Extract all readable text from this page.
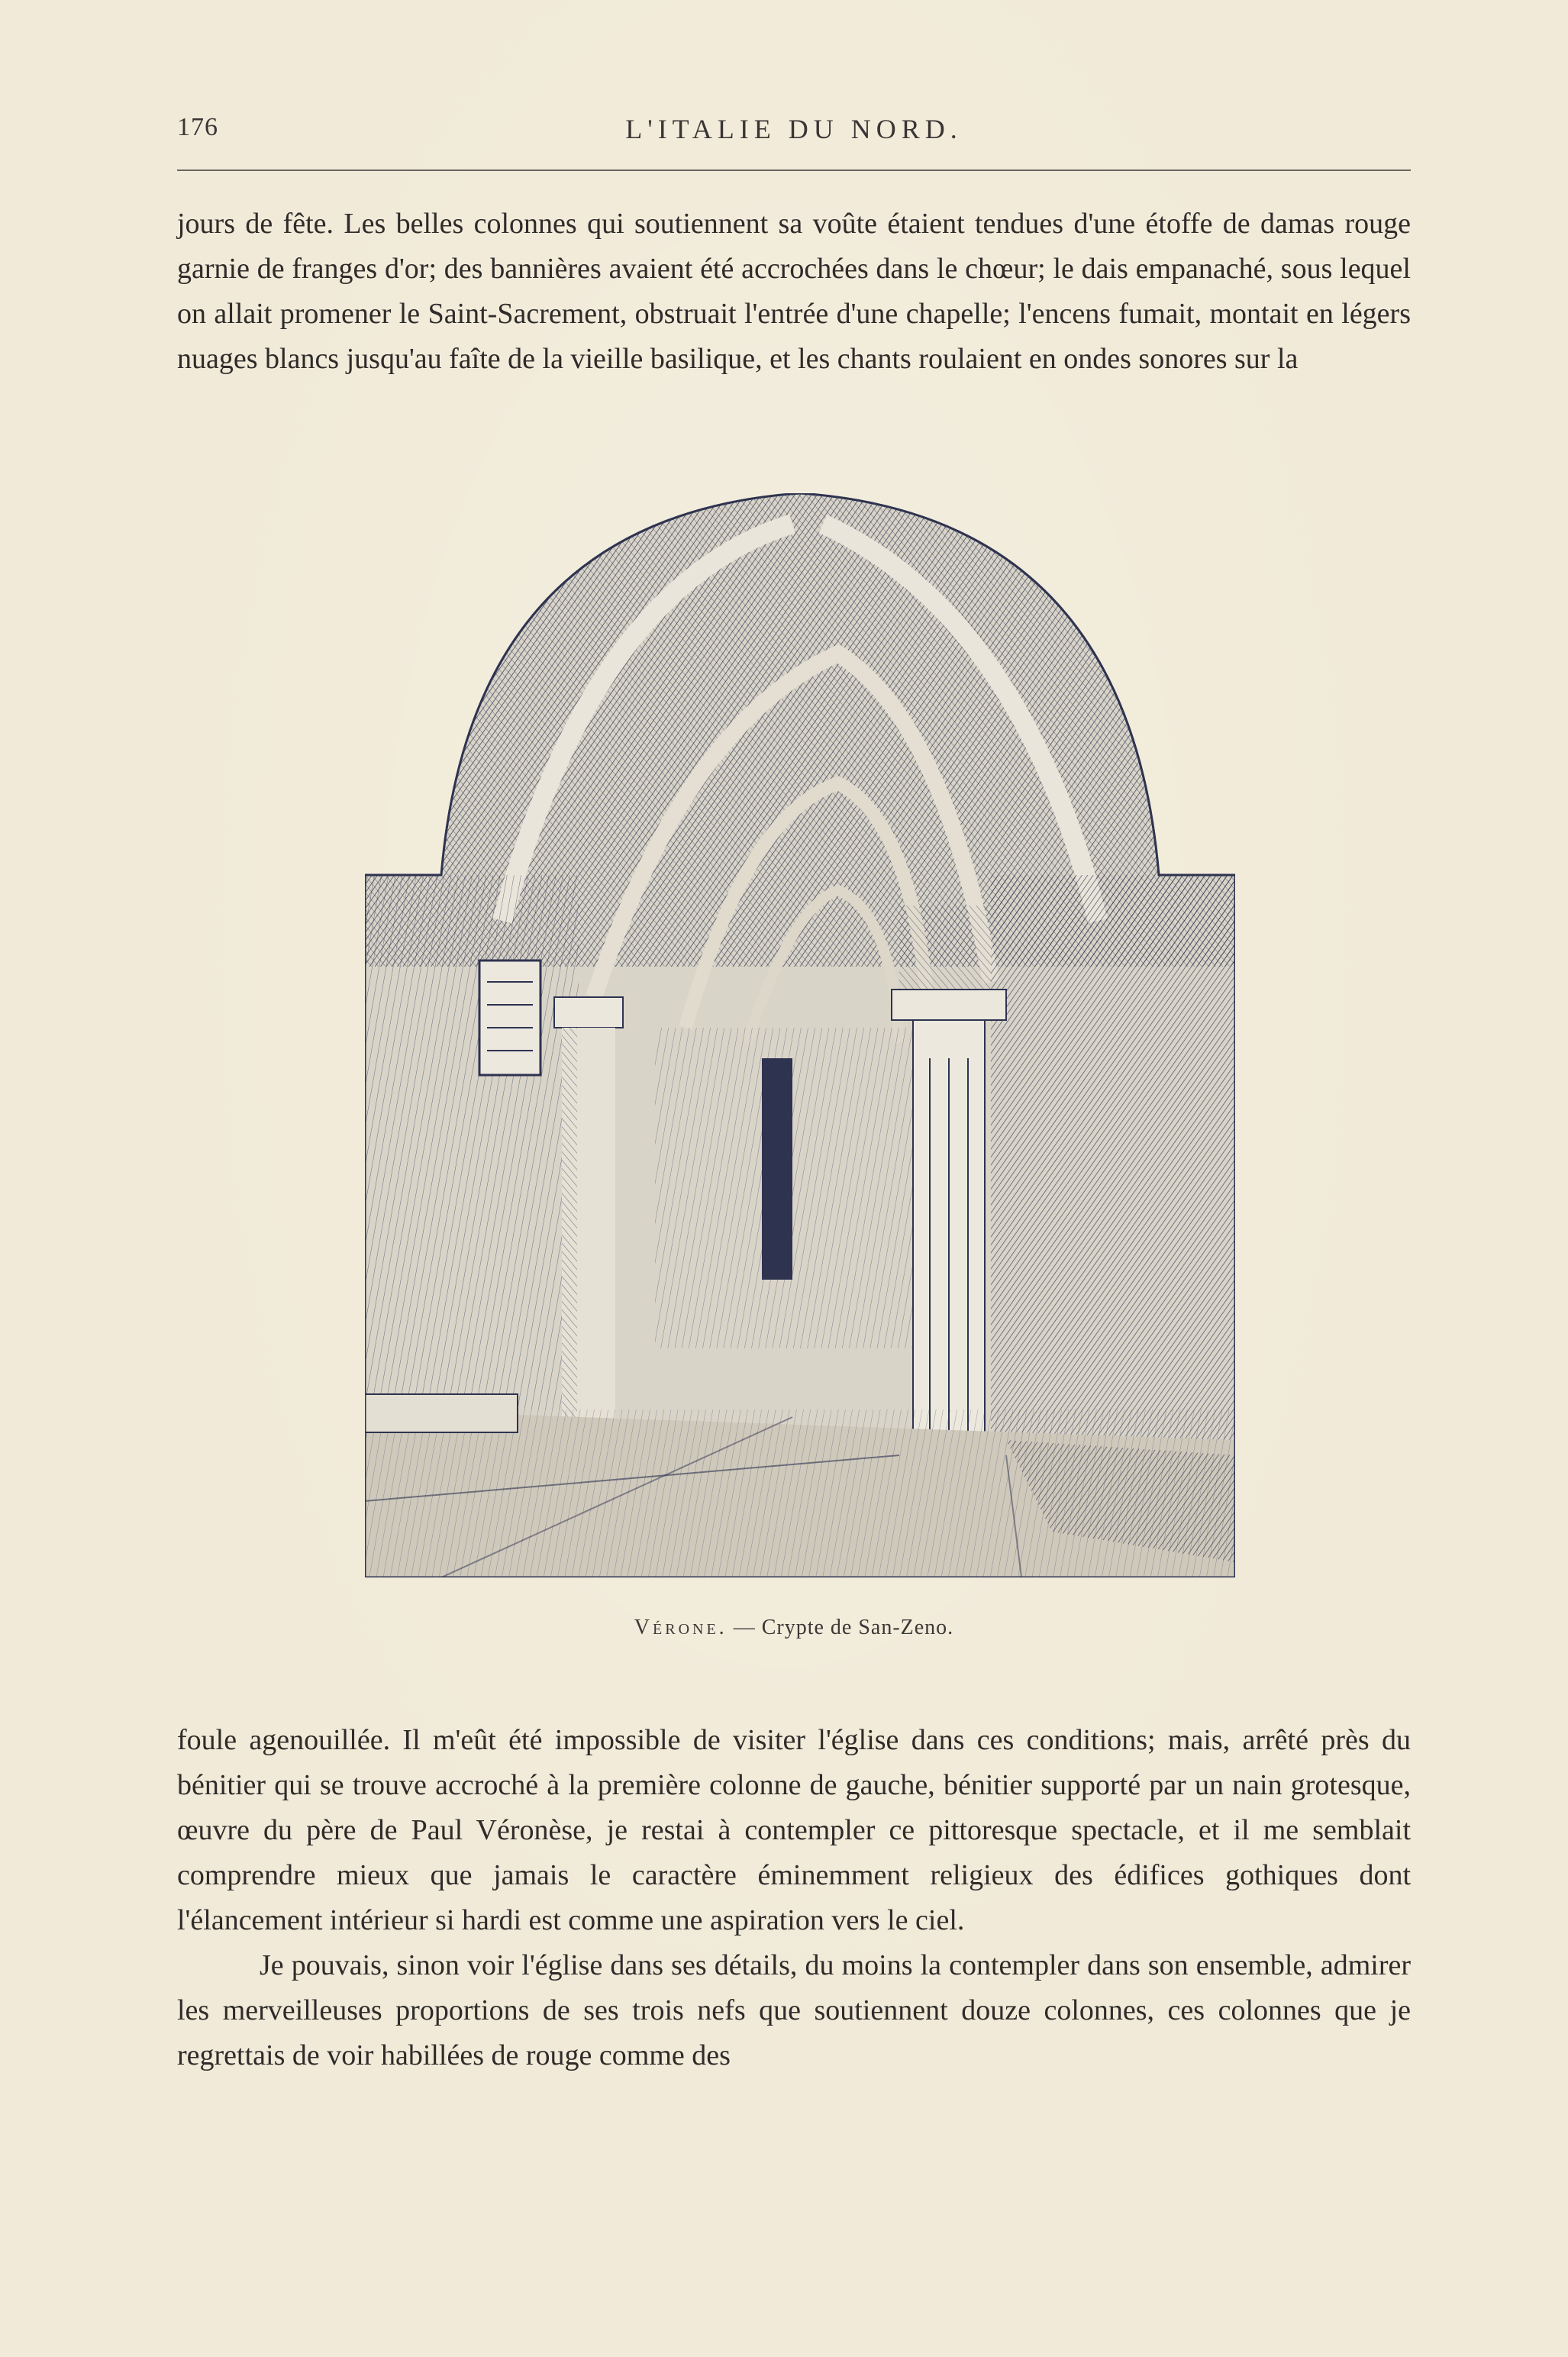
176	L'ITALIE DU NORD.

jours de fête. Les belles colonnes qui soutiennent sa voûte étaient tendues d'une étoffe de damas rouge garnie de franges d'or; des bannières avaient été accrochées dans le chœur; le dais empanaché, sous lequel on allait promener le Saint-Sacrement, obstruait l'entrée d'une chapelle; l'encens fumait, montait en légers nuages blancs jusqu'au faîte de la vieille basilique, et les chants roulaient en ondes sonores sur la

Vérone. — Crypte de San-Zeno.

foule agenouillée. Il m'eût été impossible de visiter l'église dans ces conditions; mais, arrêté près du bénitier qui se trouve accroché à la première colonne de gauche, bénitier supporté par un nain grotesque, œuvre du père de Paul Véronèse, je restai à contempler ce pittoresque spectacle, et il me semblait comprendre mieux que jamais le caractère éminemment religieux des édifices gothiques dont l'élancement intérieur si hardi est comme une aspiration vers le ciel.

Je pouvais, sinon voir l'église dans ses détails, du moins la contempler dans son ensemble, admirer les merveilleuses proportions de ses trois nefs que soutiennent douze colonnes, ces colonnes que je regrettais de voir habillées de rouge comme des
